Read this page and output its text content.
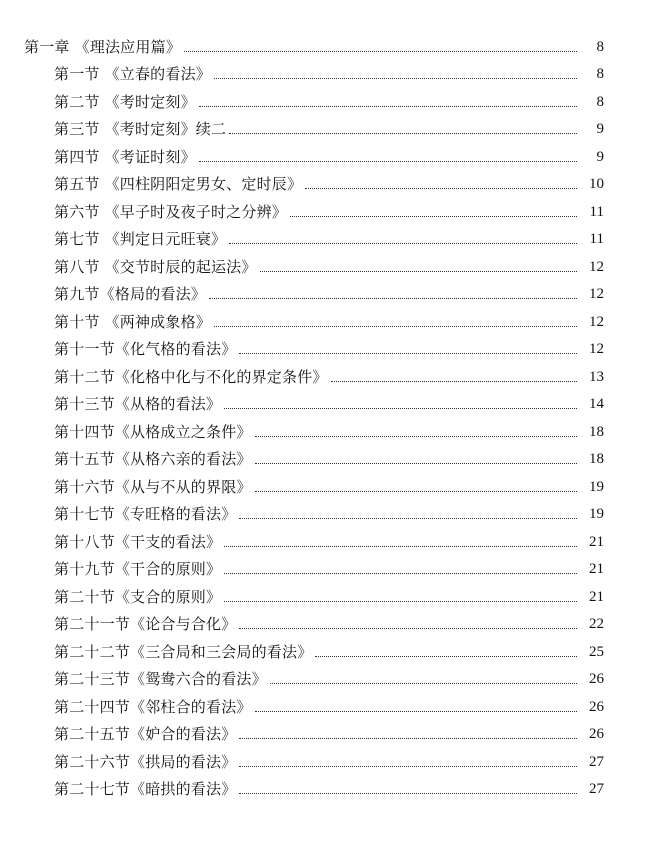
第一章 《理法应用篇》	8
第一节 《立春的看法》	8
第二节 《考时定刻》	8
第三节 《考时定刻》续二	9
第四节 《考证时刻》	9
第五节 《四柱阴阳定男女、定时辰》	10
第六节 《早子时及夜子时之分辨》	11
第七节 《判定日元旺衰》	11
第八节 《交节时辰的起运法》	12
第九节《格局的看法》	12
第十节 《两神成象格》	12
第十一节《化气格的看法》	12
第十二节《化格中化与不化的界定条件》	13
第十三节《从格的看法》	14
第十四节《从格成立之条件》	18
第十五节《从格六亲的看法》	18
第十六节《从与不从的界限》	19
第十七节《专旺格的看法》	19
第十八节《干支的看法》	21
第十九节《干合的原则》	21
第二十节《支合的原则》	21
第二十一节《论合与合化》	22
第二十二节《三合局和三会局的看法》	25
第二十三节《鸳鸯六合的看法》	26
第二十四节《邻柱合的看法》	26
第二十五节《妒合的看法》	26
第二十六节《拱局的看法》	27
第二十七节《暗拱的看法》	27
